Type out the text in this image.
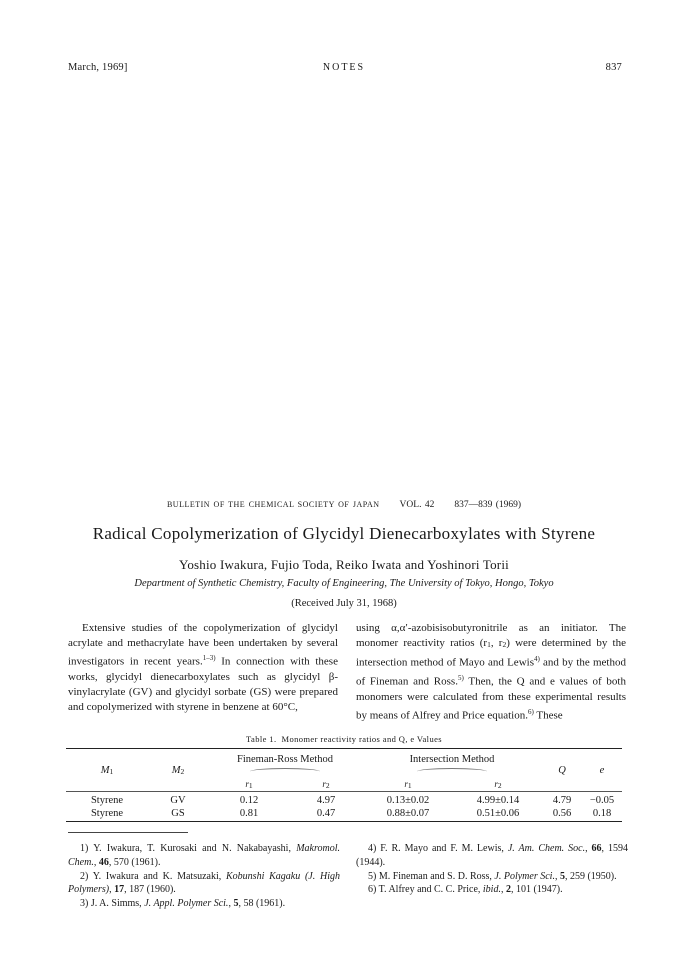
March, 1969]	NOTES	837
BULLETIN OF THE CHEMICAL SOCIETY OF JAPAN VOL. 42 837—839 (1969)
Radical Copolymerization of Glycidyl Dienecarboxylates with Styrene
Yoshio Iwakura, Fujio Toda, Reiko Iwata and Yoshinori Torii
Department of Synthetic Chemistry, Faculty of Engineering, The University of Tokyo, Hongo, Tokyo
(Received July 31, 1968)

Extensive studies of the copolymerization of glycidyl acrylate and methacrylate have been undertaken by several investigators in recent years.$^{1-3)}$ In connection with these works, glycidyl dienecarboxylates such as glycidyl β-vinylacrylate (GV) and glycidyl sorbate (GS) were prepared and copolymerized with styrene in benzene at 60°C,

using α,α′-azobisisobutyronitrile as an initiator. The monomer reactivity ratios (r1, r2) were determined by the intersection method of Mayo and Lewis$^{4)}$ and by the method of Fineman and Ross.$^{5)}$ Then, the Q and e values of both monomers were calculated from these experimental results by means of Alfrey and Price equation.$^{6)}$ These

Table 1. Monomer reactivity ratios and Q, e Values
M1	M2	Fineman-Ross Method		Intersection Method		Q	e

		r1	r2	r1	r2		
Styrene	GV	0.12	4.97	0.13±0.02	4.99±0.14	4.79	−0.05
Styrene	GS	0.81	0.47	0.88±0.07	0.51±0.06	0.56	0.18

1) Y. Iwakura, T. Kurosaki and N. Nakabayashi, Makromol. Chem., 46, 570 (1961).

2) Y. Iwakura and K. Matsuzaki, Kobunshi Kagaku (J. High Polymers), 17, 187 (1960).

3) J. A. Simms, J. Appl. Polymer Sci., 5, 58 (1961).

4) F. R. Mayo and F. M. Lewis, J. Am. Chem. Soc., 66, 1594 (1944).

5) M. Fineman and S. D. Ross, J. Polymer Sci., 5, 259 (1950).

6) T. Alfrey and C. C. Price, ibid., 2, 101 (1947).
